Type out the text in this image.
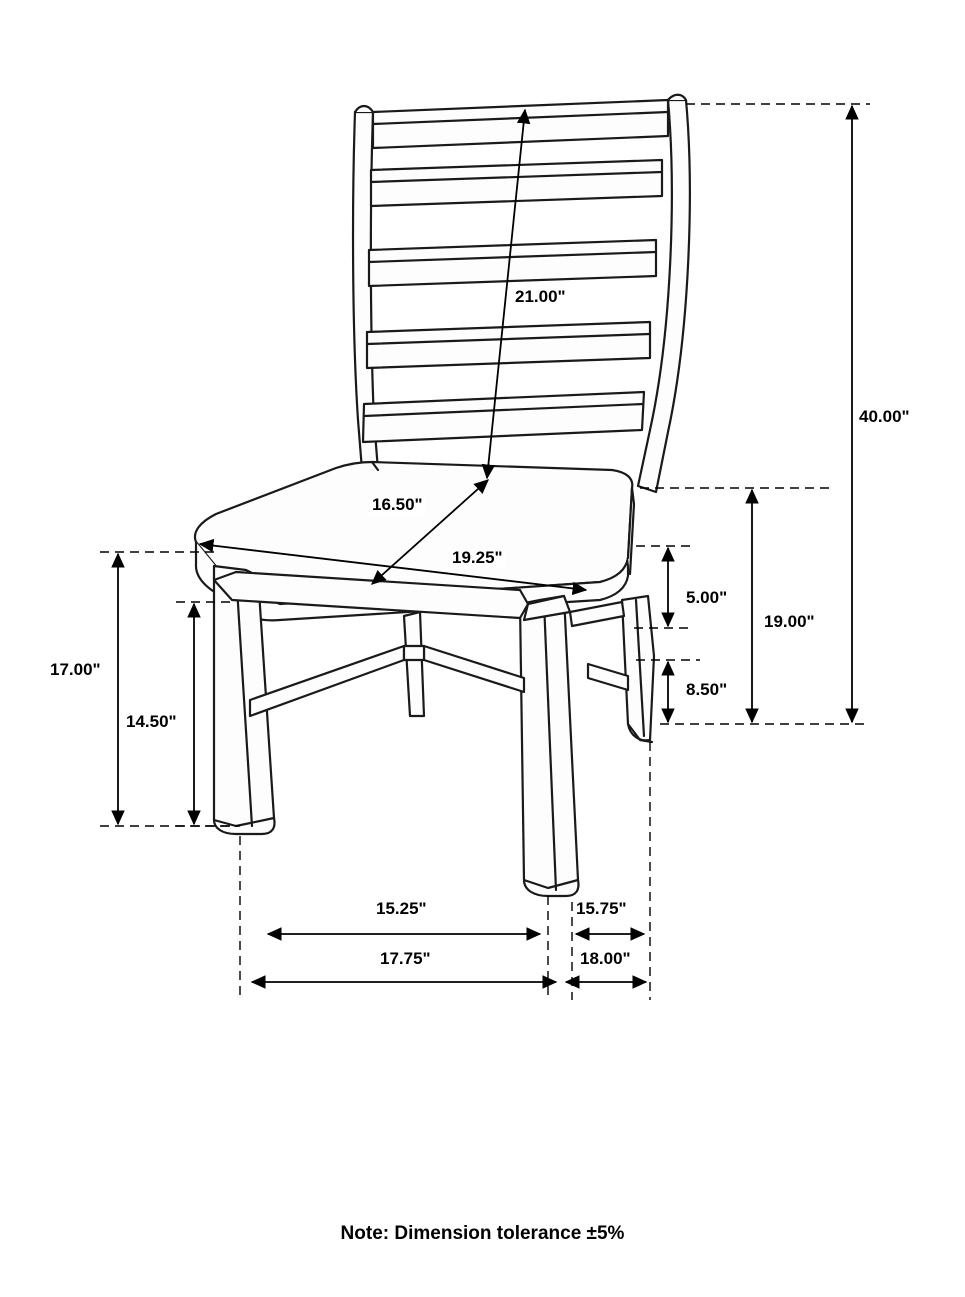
21.00"
40.00"
16.50"
19.25"
5.00"
19.00"
8.50"
17.00"
14.50"
15.25"	15.75"
17.75"	18.00"
Note: Dimension tolerance ±5%
